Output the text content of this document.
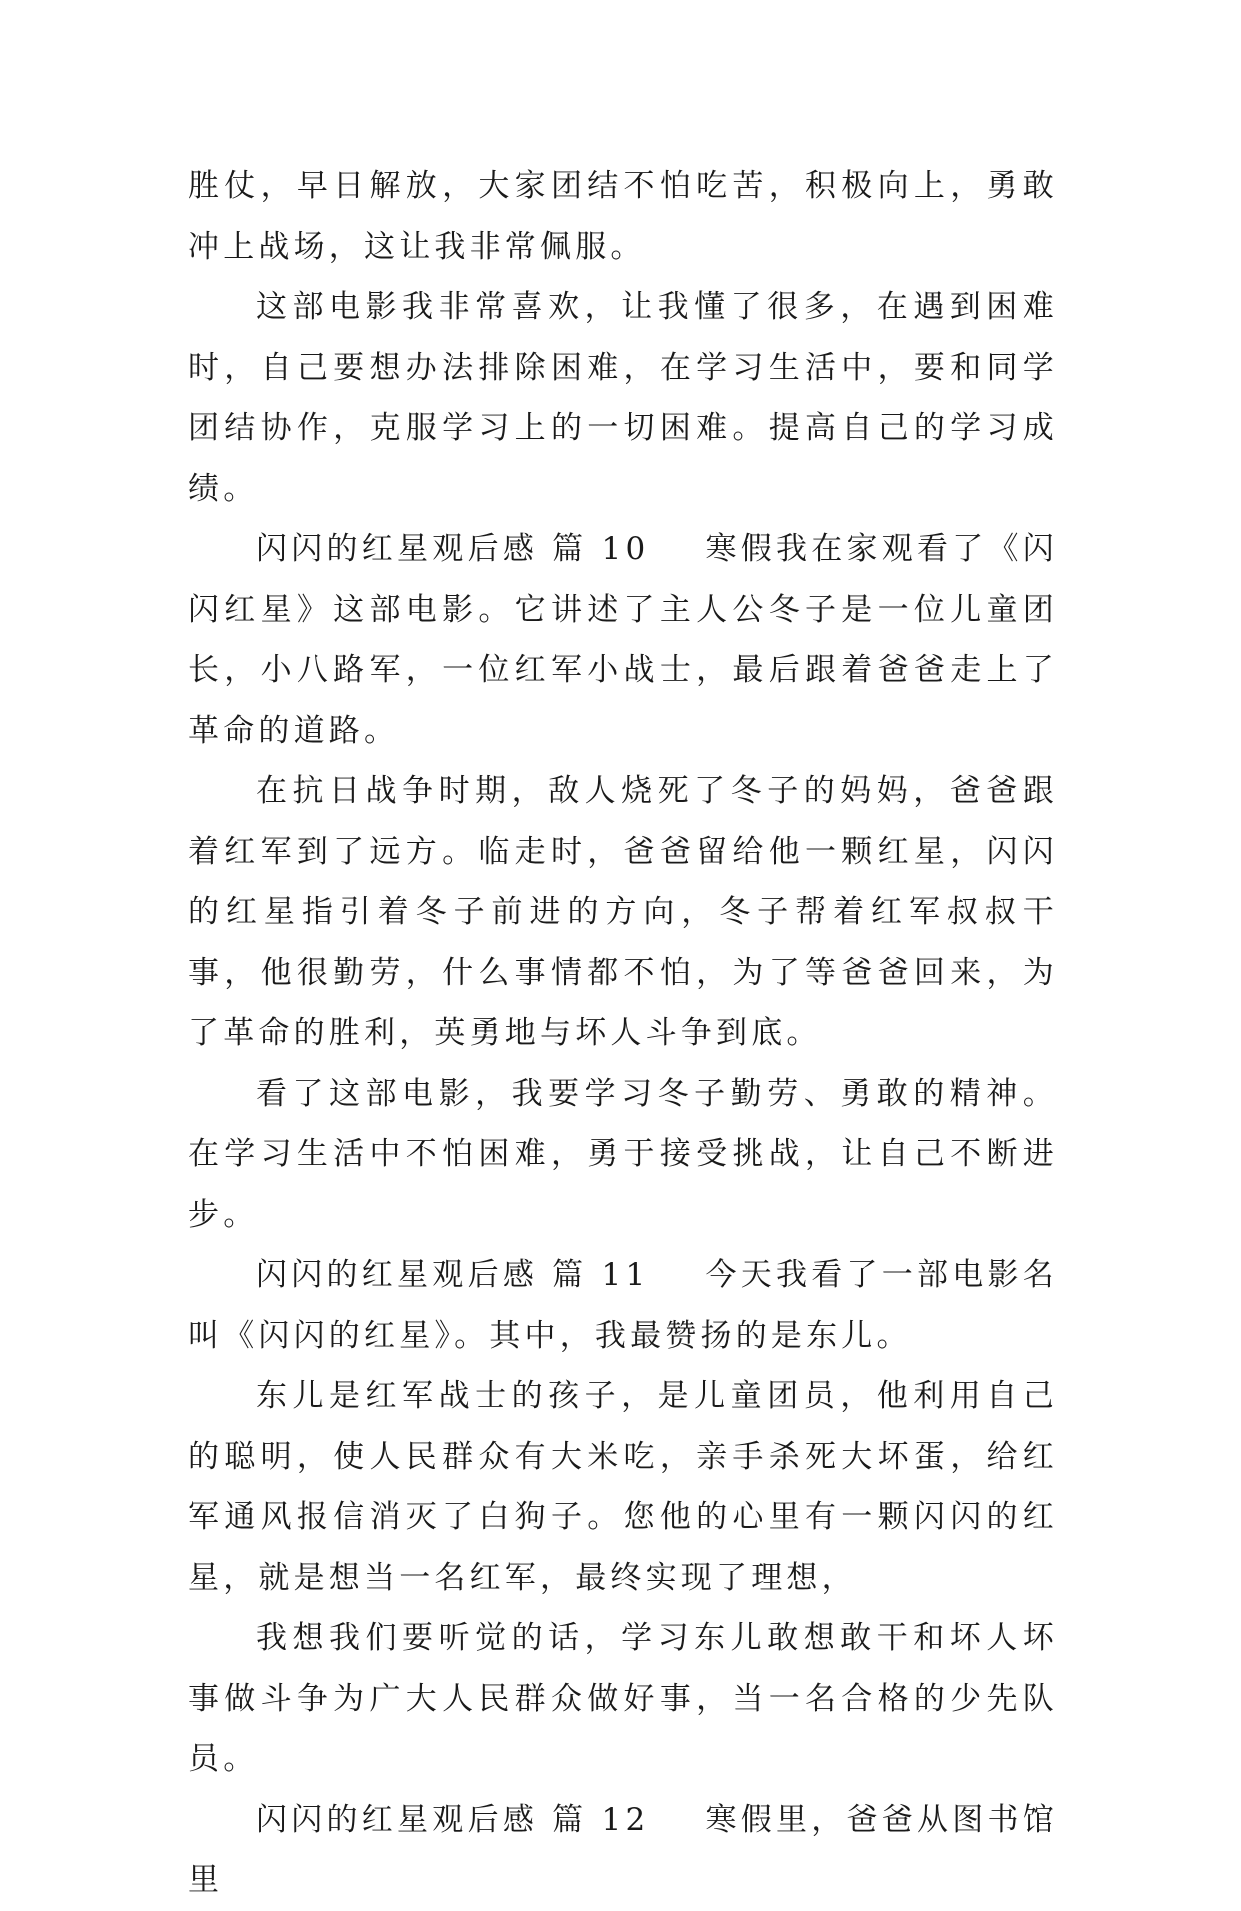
胜仗，早日解放，大家团结不怕吃苦，积极向上，勇敢冲上战场，这让我非常佩服。

这部电影我非常喜欢，让我懂了很多，在遇到困难时，自己要想办法排除困难，在学习生活中，要和同学团结协作，克服学习上的一切困难。提高自己的学习成绩。

闪闪的红星观后感 篇 10 寒假我在家观看了《闪闪红星》这部电影。它讲述了主人公冬子是一位儿童团长，小八路军，一位红军小战士，最后跟着爸爸走上了革命的道路。

在抗日战争时期，敌人烧死了冬子的妈妈，爸爸跟着红军到了远方。临走时，爸爸留给他一颗红星，闪闪的红星指引着冬子前进的方向，冬子帮着红军叔叔干事，他很勤劳，什么事情都不怕，为了等爸爸回来，为了革命的胜利，英勇地与坏人斗争到底。

看了这部电影，我要学习冬子勤劳、勇敢的精神。在学习生活中不怕困难，勇于接受挑战，让自己不断进步。

闪闪的红星观后感 篇 11 今天我看了一部电影名叫《闪闪的红星》。其中，我最赞扬的是东儿。

东儿是红军战士的孩子，是儿童团员，他利用自己的聪明，使人民群众有大米吃，亲手杀死大坏蛋，给红军通风报信消灭了白狗子。您他的心里有一颗闪闪的红星，就是想当一名红军，最终实现了理想，

我想我们要听觉的话，学习东儿敢想敢干和坏人坏事做斗争为广大人民群众做好事，当一名合格的少先队员。

闪闪的红星观后感 篇 12 寒假里，爸爸从图书馆里
